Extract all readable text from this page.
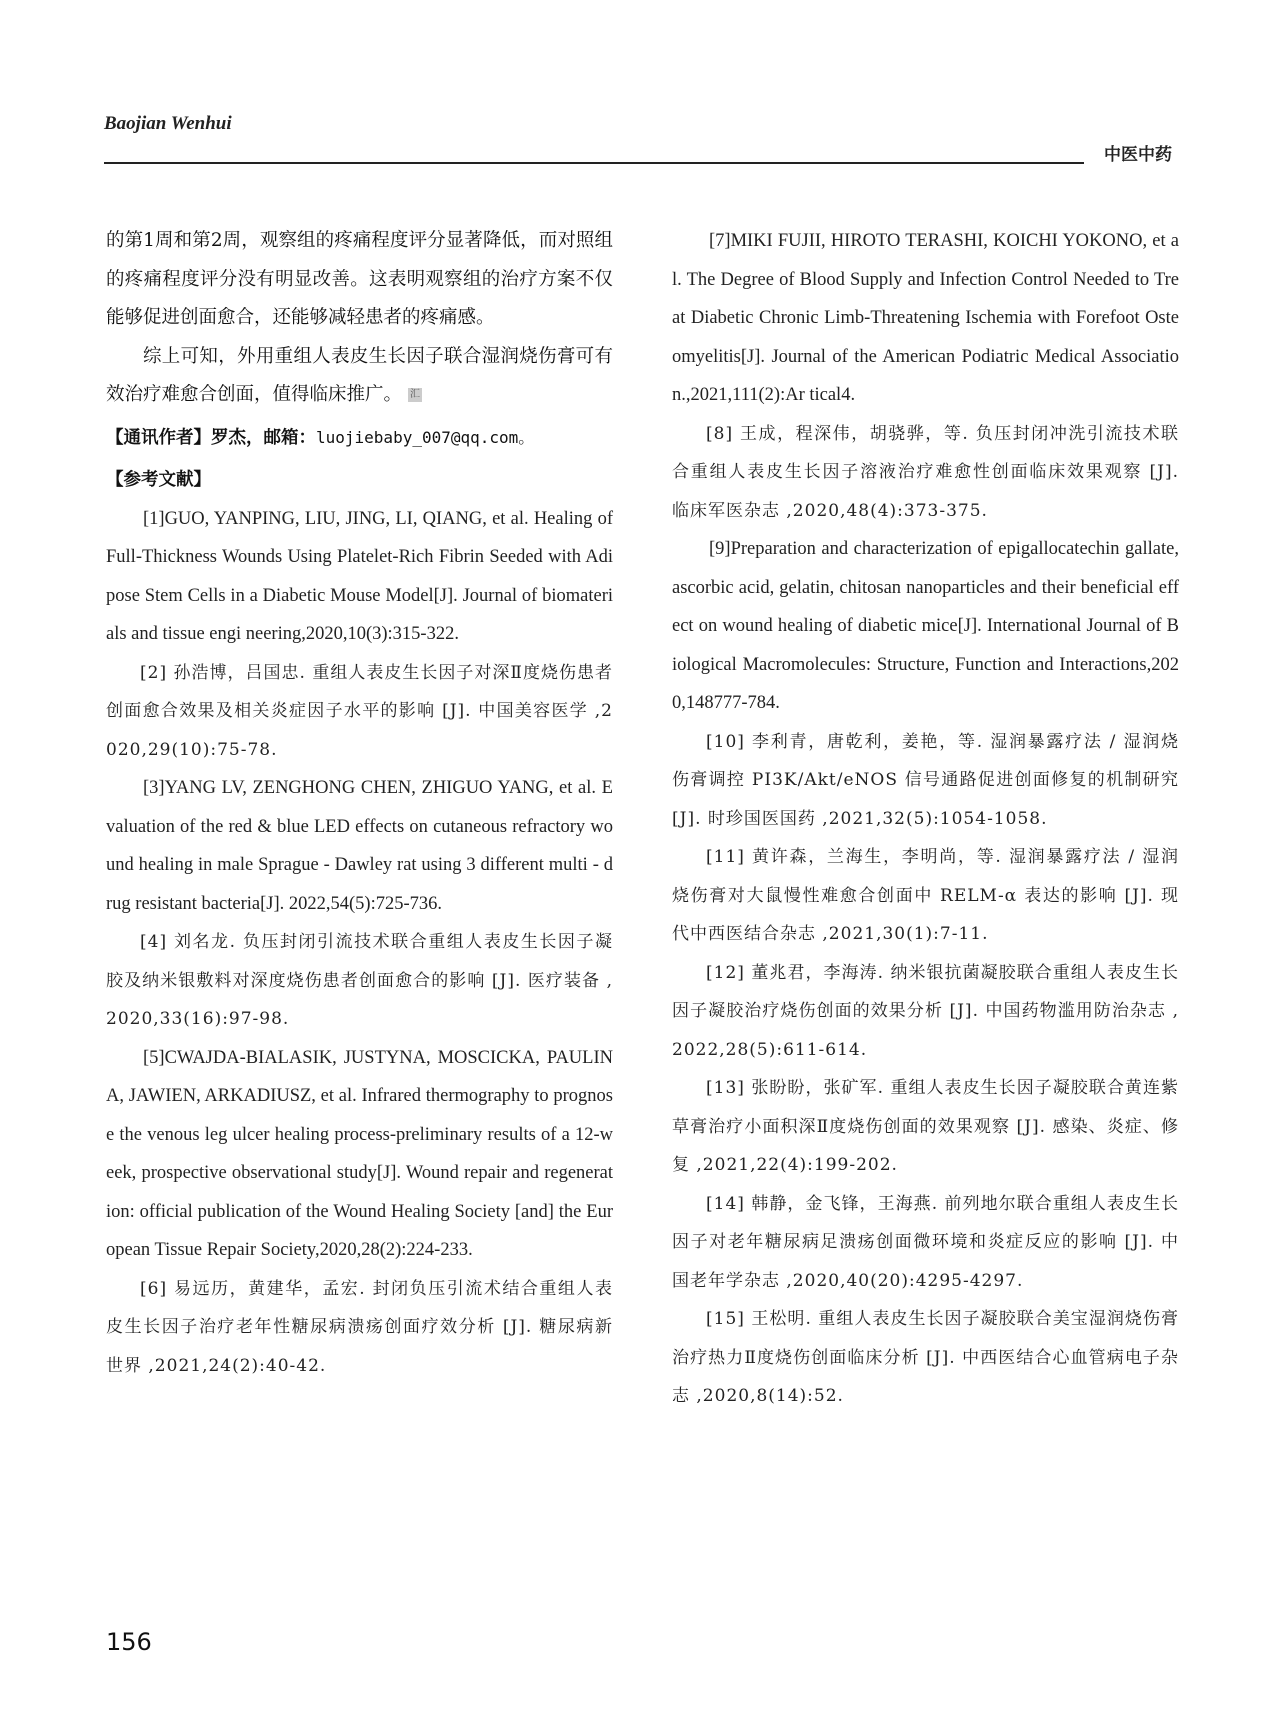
Baojian Wenhui
中医中药

的第1周和第2周，观察组的疼痛程度评分显著降低，而对照组的疼痛程度评分没有明显改善。这表明观察组的治疗方案不仅能够促进创面愈合，还能够减轻患者的疼痛感。

综上可知，外用重组人表皮生长因子联合湿润烧伤膏可有效治疗难愈合创面，值得临床推广。 汇

【通讯作者】罗杰，邮箱：luojiebaby_007@qq.com。

【参考文献】

[1]GUO, YANPING, LIU, JING, LI, QIANG, et al. Healing of Full-Thickness Wounds Using Platelet-Rich Fibrin Seeded with Adipose Stem Cells in a Diabetic Mouse Model[J]. Journal of biomaterials and tissue engi neering,2020,10(3):315-322.

[2] 孙浩博，吕国忠. 重组人表皮生长因子对深Ⅱ度烧伤患者创面愈合效果及相关炎症因子水平的影响 [J]. 中国美容医学 ,2020,29(10):75-78.

[3]YANG LV, ZENGHONG CHEN, ZHIGUO YANG, et al. Evaluation of the red & blue LED effects on cutaneous refractory wound healing in male Sprague - Dawley rat using 3 different multi - drug resistant bacteria[J]. 2022,54(5):725-736.

[4] 刘名龙. 负压封闭引流技术联合重组人表皮生长因子凝胶及纳米银敷料对深度烧伤患者创面愈合的影响 [J]. 医疗装备 ,2020,33(16):97-98.

[5]CWAJDA-BIALASIK, JUSTYNA, MOSCICKA, PAULINA, JAWIEN, ARKADIUSZ, et al. Infrared thermography to prognose the venous leg ulcer healing process-preliminary results of a 12-week, prospective observational study[J]. Wound repair and regeneration: official publication of the Wound Healing Society [and] the European Tissue Repair Society,2020,28(2):224-233.

[6] 易远历，黄建华，孟宏. 封闭负压引流术结合重组人表皮生长因子治疗老年性糖尿病溃疡创面疗效分析 [J]. 糖尿病新世界 ,2021,24(2):40-42.

[7]MIKI FUJII, HIROTO TERASHI, KOICHI YOKONO, et al. The Degree of Blood Supply and Infection Control Needed to Treat Diabetic Chronic Limb-Threatening Ischemia with Forefoot Osteomyelitis[J]. Journal of the American Podiatric Medical Association.,2021,111(2):Ar tical4.

[8] 王成，程深伟，胡骁骅，等. 负压封闭冲洗引流技术联合重组人表皮生长因子溶液治疗难愈性创面临床效果观察 [J]. 临床军医杂志 ,2020,48(4):373-375.

[9]Preparation and characterization of epigallocatechin gallate, ascorbic acid, gelatin, chitosan nanoparticles and their beneficial effect on wound healing of diabetic mice[J]. International Journal of Biological Macromolecules: Structure, Function and Interactions,2020,148777-784.

[10] 李利青，唐乾利，姜艳，等. 湿润暴露疗法 / 湿润烧伤膏调控 PI3K/Akt/eNOS 信号通路促进创面修复的机制研究 [J]. 时珍国医国药 ,2021,32(5):1054-1058.

[11] 黄许森，兰海生，李明尚，等. 湿润暴露疗法 / 湿润烧伤膏对大鼠慢性难愈合创面中 RELM-α 表达的影响 [J]. 现代中西医结合杂志 ,2021,30(1):7-11.

[12] 董兆君，李海涛. 纳米银抗菌凝胶联合重组人表皮生长因子凝胶治疗烧伤创面的效果分析 [J]. 中国药物滥用防治杂志 ,2022,28(5):611-614.

[13] 张盼盼，张矿军. 重组人表皮生长因子凝胶联合黄连紫草膏治疗小面积深Ⅱ度烧伤创面的效果观察 [J]. 感染、炎症、修复 ,2021,22(4):199-202.

[14] 韩静，金飞锋，王海燕. 前列地尔联合重组人表皮生长因子对老年糖尿病足溃疡创面微环境和炎症反应的影响 [J]. 中国老年学杂志 ,2020,40(20):4295-4297.

[15] 王松明. 重组人表皮生长因子凝胶联合美宝湿润烧伤膏治疗热力Ⅱ度烧伤创面临床分析 [J]. 中西医结合心血管病电子杂志 ,2020,8(14):52.

156
